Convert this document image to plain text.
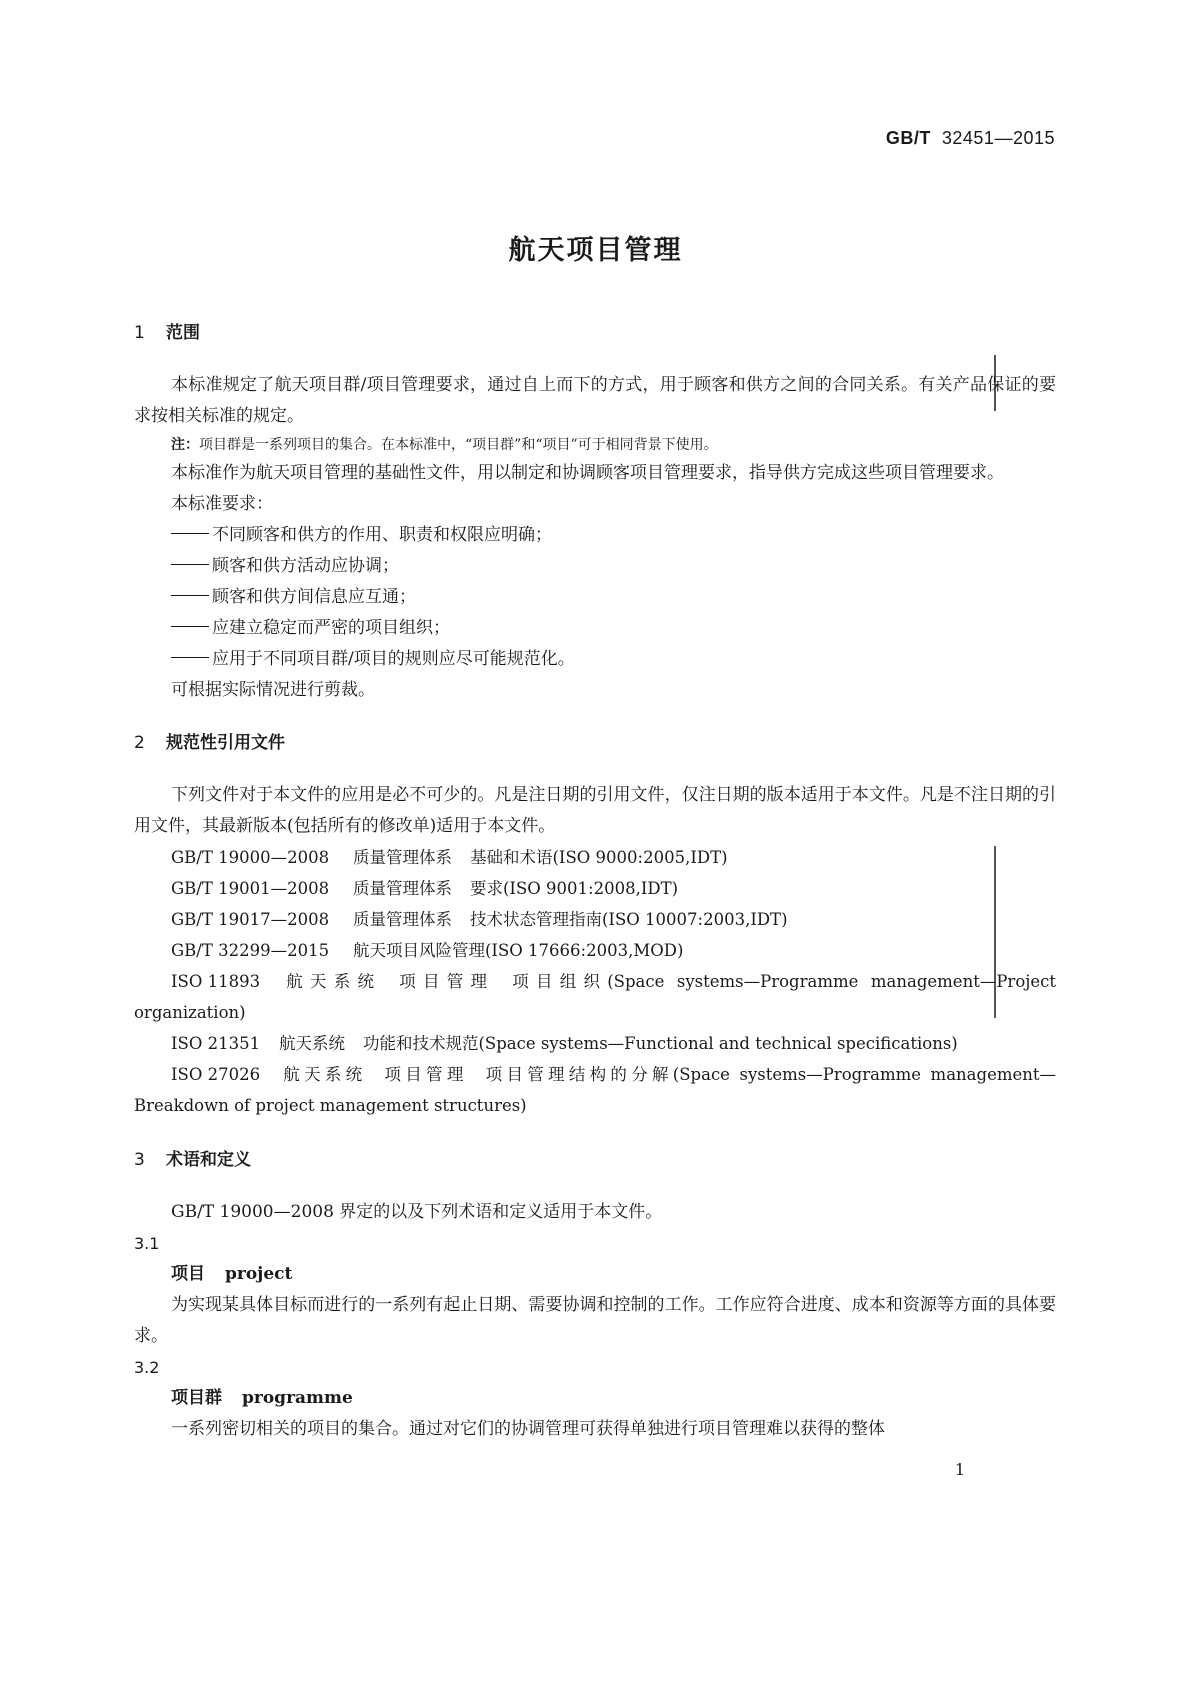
GB/T 32451—2015
航天项目管理
1 范围

本标准规定了航天项目群/项目管理要求，通过自上而下的方式，用于顾客和供方之间的合同关系。有关产品保证的要求按相关标准的规定。

注：项目群是一系列项目的集合。在本标准中，“项目群”和“项目”可于相同背景下使用。

本标准作为航天项目管理的基础性文件，用以制定和协调顾客项目管理要求，指导供方完成这些项目管理要求。

本标准要求：

不同顾客和供方的作用、职责和权限应明确；

顾客和供方活动应协调；

顾客和供方间信息应互通；

应建立稳定而严密的项目组织；

应用于不同项目群/项目的规则应尽可能规范化。

可根据实际情况进行剪裁。

2 规范性引用文件

下列文件对于本文件的应用是必不可少的。凡是注日期的引用文件，仅注日期的版本适用于本文件。凡是不注日期的引用文件，其最新版本(包括所有的修改单)适用于本文件。

GB/T 19000—2008 质量管理体系 基础和术语(ISO 9000:2005,IDT)

GB/T 19001—2008 质量管理体系 要求(ISO 9001:2008,IDT)

GB/T 19017—2008 质量管理体系 技术状态管理指南(ISO 10007:2003,IDT)

GB/T 32299—2015 航天项目风险管理(ISO 17666:2003,MOD)

ISO 11893 航天系统 项目管理 项目组织(Space systems—Programme management—Project organization)

ISO 21351 航天系统 功能和技术规范(Space systems—Functional and technical specifications)

ISO 27026 航天系统 项目管理 项目管理结构的分解(Space systems—Programme management—Breakdown of project management structures)

3 术语和定义

GB/T 19000—2008 界定的以及下列术语和定义适用于本文件。

3.1

项目 project

为实现某具体目标而进行的一系列有起止日期、需要协调和控制的工作。工作应符合进度、成本和资源等方面的具体要求。

3.2

项目群 programme

一系列密切相关的项目的集合。通过对它们的协调管理可获得单独进行项目管理难以获得的整体

1
